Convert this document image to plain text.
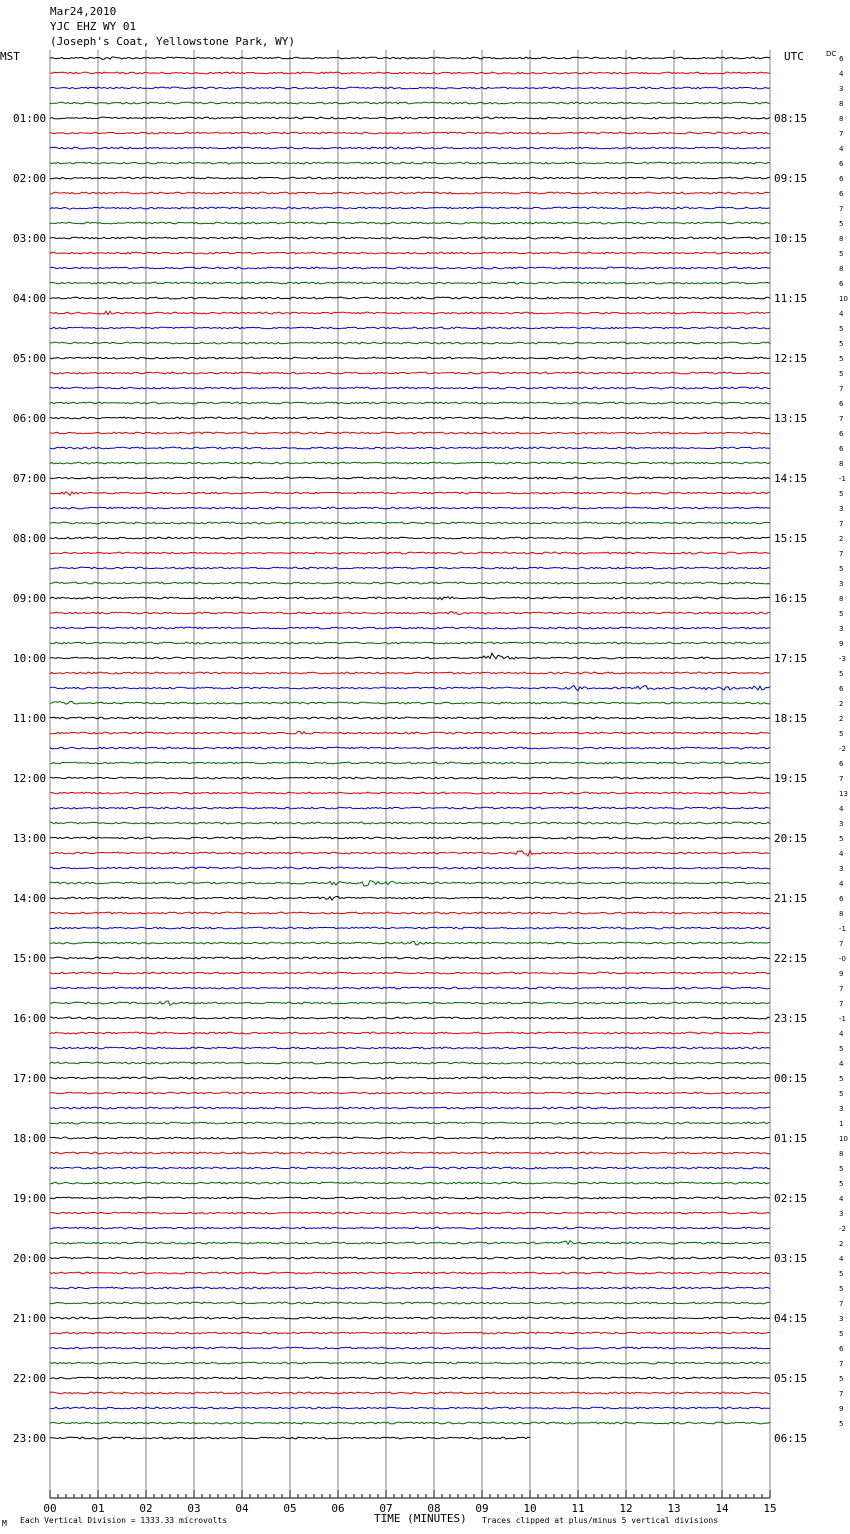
Mar24,2010
YJC EHZ WY 01
(Joseph's Coat, Yellowstone Park, WY)
01:00
02:00
03:00
04:00
05:00
06:00
07:00
08:00
09:00
10:00
11:00
12:00
13:00
14:00
15:00
16:00
17:00
18:00
19:00
20:00
21:00
22:00
23:00
08:15
09:15
10:15
11:15
12:15
13:15
14:15
15:15
16:15
17:15
18:15
19:15
20:15
21:15
22:15
23:15
00:15
01:15
02:15
03:15
04:15
05:15
06:15
6
4
3
8
8
7
4
6
6
6
7
5
8
5
8
6
10
4
5
5
5
5
7
6
7
6
6
8
-1
5
3
7
2
7
5
3
8
5
3
9
-3
5
6
2
2
5
-2
6
7
13
4
3
5
4
3
4
6
8
-1
7
-0
9
7
7
-1
4
5
4
5
5
3
1
10
8
5
5
4
3
-2
2
4
5
5
7
3
5
6
7
5
7
9
5
00	01	02	03	04	05	06	07	08	09	10	11	12	13	14	15
MST	UTC	DC
TIME (MINUTES)
Each Vertical Division = 1333.33 microvolts	Traces clipped at plus/minus 5 vertical divisions
M
